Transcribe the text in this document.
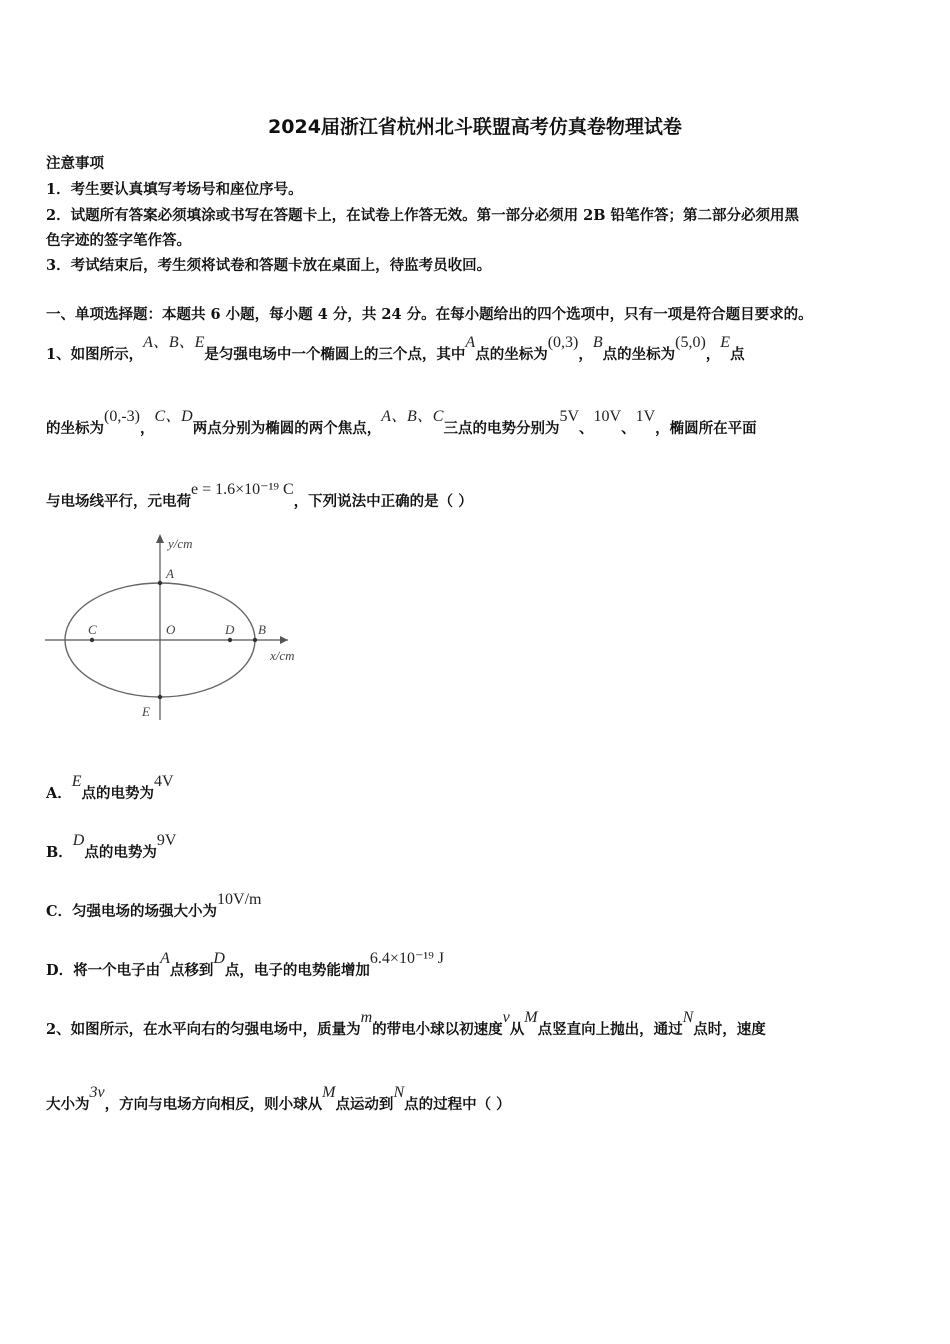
2024届浙江省杭州北斗联盟高考仿真卷物理试卷
注意事项
1．考生要认真填写考场号和座位序号。
2．试题所有答案必须填涂或书写在答题卡上，在试卷上作答无效。第一部分必须用 2B 铅笔作答；第二部分必须用黑
色字迹的签字笔作答。
3．考试结束后，考生须将试卷和答题卡放在桌面上，待监考员收回。
一、单项选择题：本题共 6 小题，每小题 4 分，共 24 分。在每小题给出的四个选项中，只有一项是符合题目要求的。
1、如图所示，A、B、E是匀强电场中一个椭圆上的三个点，其中A点的坐标为(0,3)，B点的坐标为(5,0)，E点
的坐标为(0,-3)，C、D两点分别为椭圆的两个焦点，A、B、C三点的电势分别为5V、10V、1V，椭圆所在平面
与电场线平行，元电荷e = 1.6×10⁻¹⁹ C，下列说法中正确的是（ ）
y/cm
x/cm
A
B
C	D
O
E
A．E点的电势为4V
B．D点的电势为9V
C．匀强电场的场强大小为10V/m
D．将一个电子由A点移到D点，电子的电势能增加6.4×10⁻¹⁹ J
2、如图所示，在水平向右的匀强电场中，质量为m的带电小球以初速度v从M点竖直向上抛出，通过N点时，速度
大小为3v，方向与电场方向相反，则小球从M点运动到N点的过程中（ ）
